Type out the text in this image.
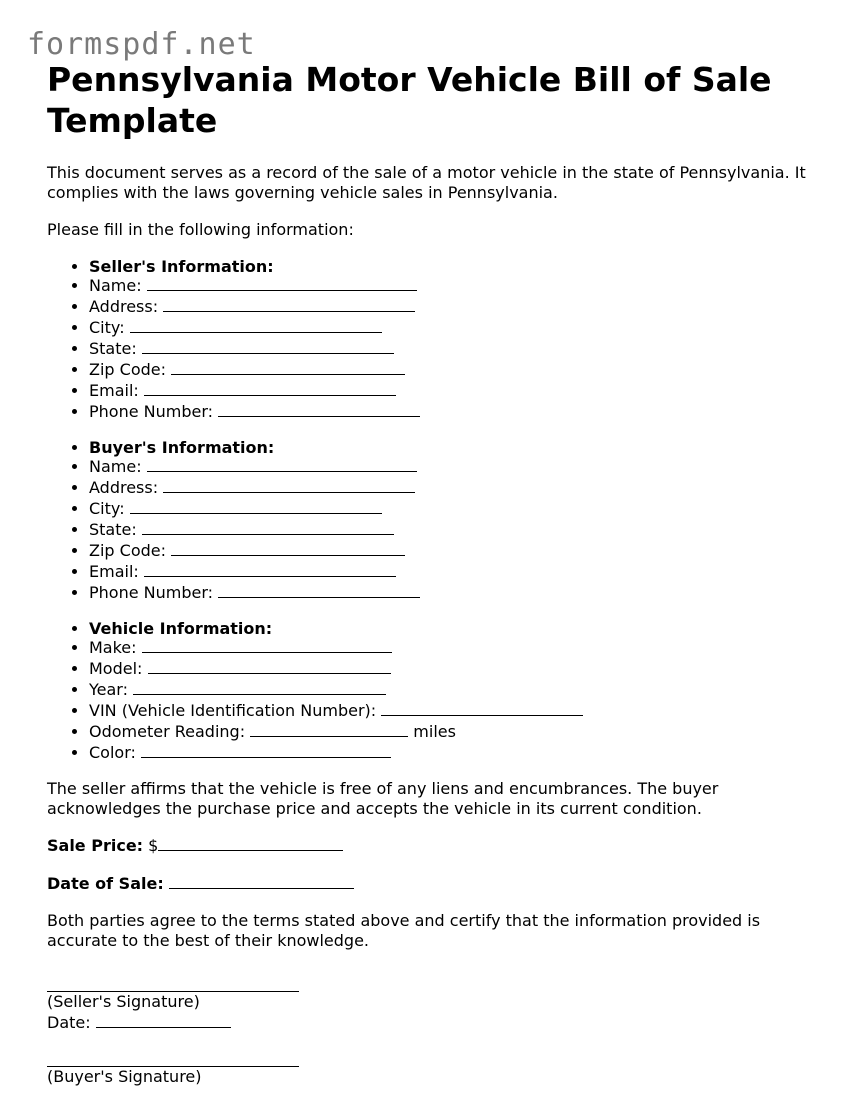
formspdf.net
Pennsylvania Motor Vehicle Bill of Sale Template

This document serves as a record of the sale of a motor vehicle in the state of Pennsylvania. It complies with the laws governing vehicle sales in Pennsylvania.

Please fill in the following information:

• Seller's Information:
• Name:
• Address:
• City:
• State:
• Zip Code:
• Email:
• Phone Number:
• Buyer's Information:
• Name:
• Address:
• City:
• State:
• Zip Code:
• Email:
• Phone Number:
• Vehicle Information:
• Make:
• Model:
• Year:
• VIN (Vehicle Identification Number):
• Odometer Reading:	miles
• Color:

The seller affirms that the vehicle is free of any liens and encumbrances. The buyer acknowledges the purchase price and accepts the vehicle in its current condition.

Sale Price: $

Date of Sale:

Both parties agree to the terms stated above and certify that the information provided is accurate to the best of their knowledge.

(Seller's Signature)

Date:

(Buyer's Signature)
